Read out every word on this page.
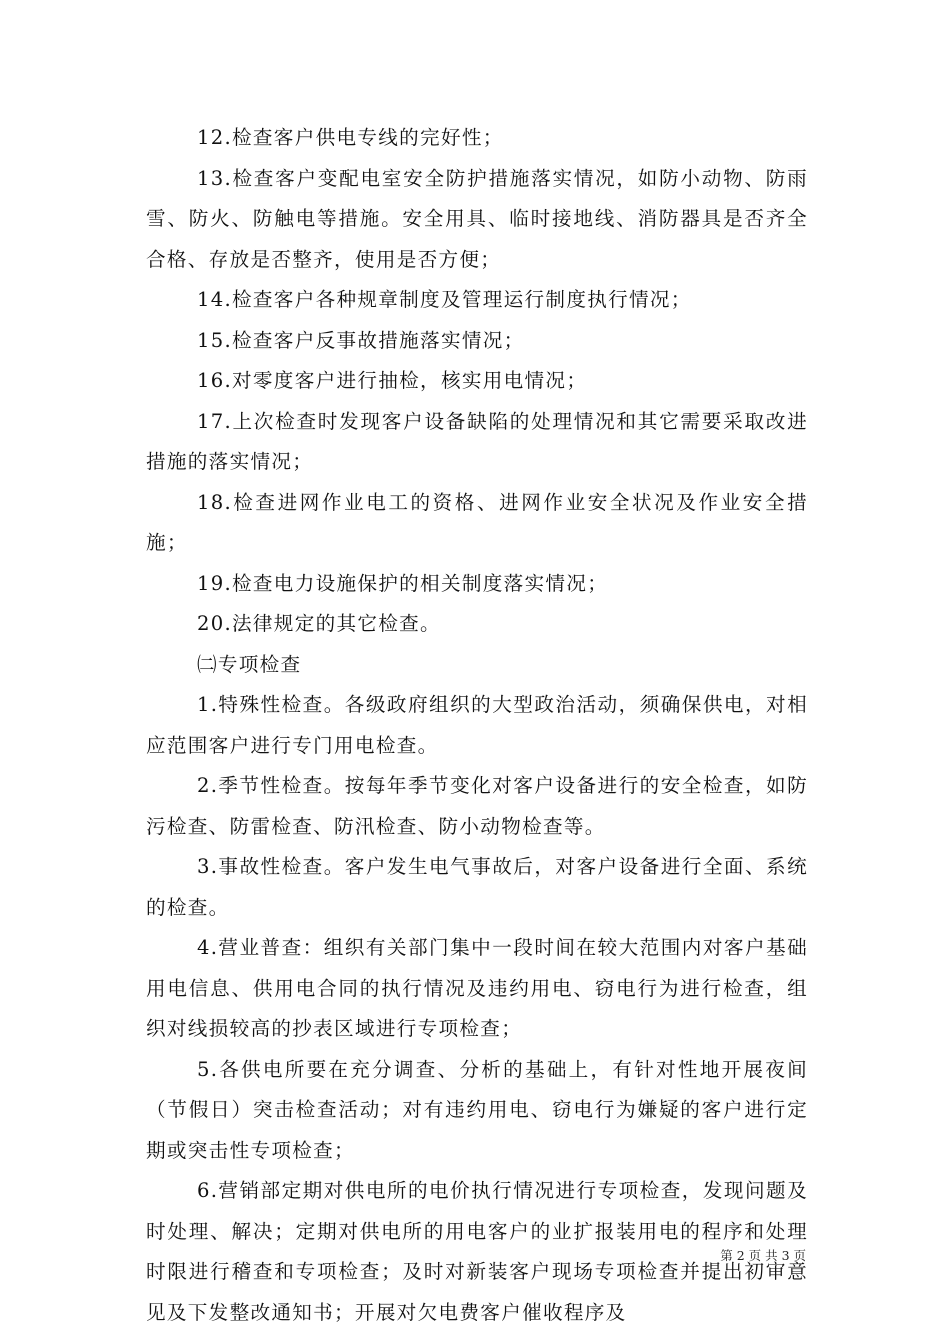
12.检查客户供电专线的完好性；

13.检查客户变配电室安全防护措施落实情况，如防小动物、防雨雪、防火、防触电等措施。安全用具、临时接地线、消防器具是否齐全合格、存放是否整齐，使用是否方便；

14.检查客户各种规章制度及管理运行制度执行情况；

15.检查客户反事故措施落实情况；

16.对零度客户进行抽检，核实用电情况；

17.上次检查时发现客户设备缺陷的处理情况和其它需要采取改进措施的落实情况；

18.检查进网作业电工的资格、进网作业安全状况及作业安全措施；

19.检查电力设施保护的相关制度落实情况；

20.法律规定的其它检查。

㈡专项检查

1.特殊性检查。各级政府组织的大型政治活动，须确保供电，对相应范围客户进行专门用电检查。

2.季节性检查。按每年季节变化对客户设备进行的安全检查，如防污检查、防雷检查、防汛检查、防小动物检查等。

3.事故性检查。客户发生电气事故后，对客户设备进行全面、系统的检查。

4.营业普查：组织有关部门集中一段时间在较大范围内对客户基础用电信息、供用电合同的执行情况及违约用电、窃电行为进行检查，组织对线损较高的抄表区域进行专项检查；

5.各供电所要在充分调查、分析的基础上，有针对性地开展夜间（节假日）突击检查活动；对有违约用电、窃电行为嫌疑的客户进行定期或突击性专项检查；

6.营销部定期对供电所的电价执行情况进行专项检查，发现问题及时处理、解决；定期对供电所的用电客户的业扩报装用电的程序和处理时限进行稽查和专项检查；及时对新装客户现场专项检查并提出初审意见及下发整改通知书；开展对欠电费客户催收程序及

第 2 页 共 3 页
